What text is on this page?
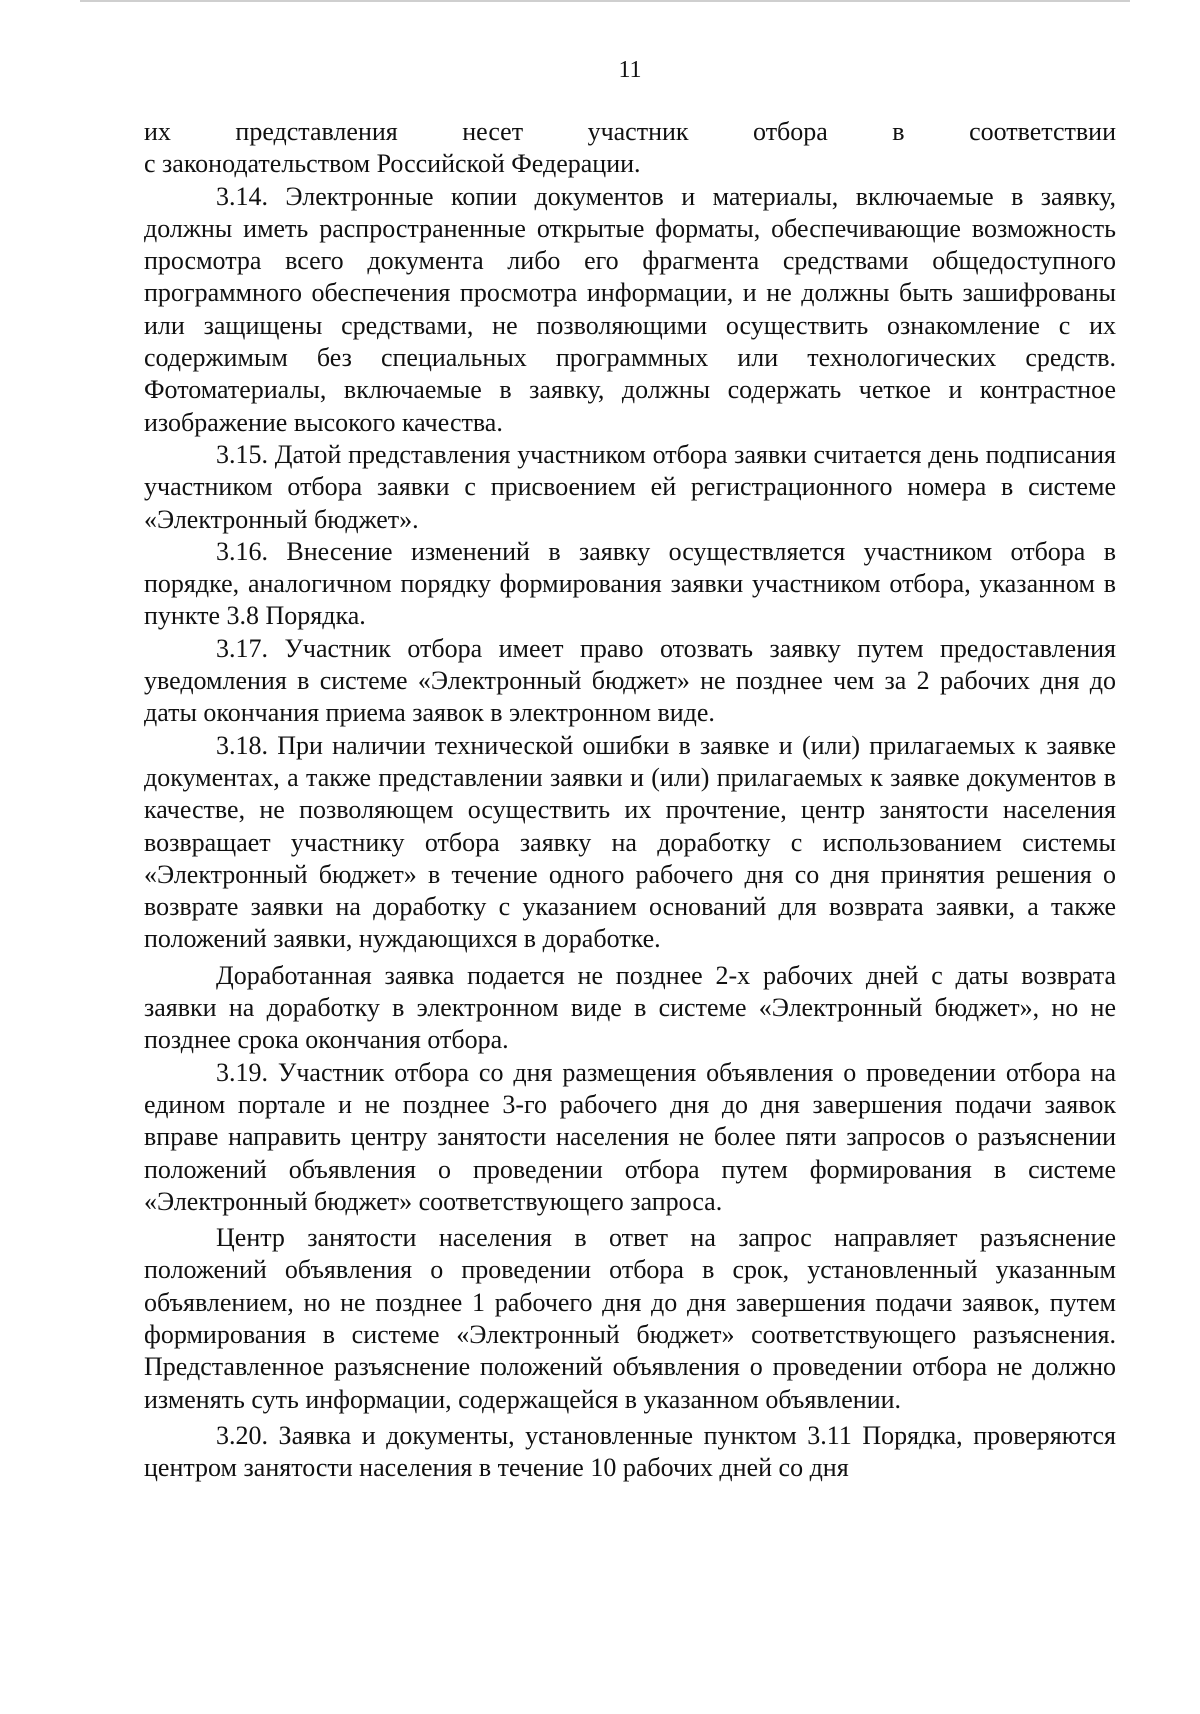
11

их представления несет участник отбора в соответствии
с законодательством Российской Федерации.

3.14. Электронные копии документов и материалы, включаемые в заявку, должны иметь распространенные открытые форматы, обеспечивающие возможность просмотра всего документа либо его фрагмента средствами общедоступного программного обеспечения просмотра информации, и не должны быть зашифрованы или защищены средствами, не позволяющими осуществить ознакомление с их содержимым без специальных программных или технологических средств. Фотоматериалы, включаемые в заявку, должны содержать четкое и контрастное изображение высокого качества.

3.15. Датой представления участником отбора заявки считается день подписания участником отбора заявки с присвоением ей регистрационного номера в системе «Электронный бюджет».

3.16. Внесение изменений в заявку осуществляется участником отбора в порядке, аналогичном порядку формирования заявки участником отбора, указанном в пункте 3.8 Порядка.

3.17. Участник отбора имеет право отозвать заявку путем предоставления уведомления в системе «Электронный бюджет» не позднее чем за 2 рабочих дня до даты окончания приема заявок в электронном виде.

3.18. При наличии технической ошибки в заявке и (или) прилагаемых к заявке документах, а также представлении заявки и (или) прилагаемых к заявке документов в качестве, не позволяющем осуществить их прочтение, центр занятости населения возвращает участнику отбора заявку на доработку с использованием системы «Электронный бюджет» в течение одного рабочего дня со дня принятия решения о возврате заявки на доработку с указанием оснований для возврата заявки, а также положений заявки, нуждающихся в доработке.

Доработанная заявка подается не позднее 2-х рабочих дней с даты возврата заявки на доработку в электронном виде в системе «Электронный бюджет», но не позднее срока окончания отбора.

3.19. Участник отбора со дня размещения объявления о проведении отбора на едином портале и не позднее 3-го рабочего дня до дня завершения подачи заявок вправе направить центру занятости населения не более пяти запросов о разъяснении положений объявления о проведении отбора путем формирования в системе «Электронный бюджет» соответствующего запроса.

Центр занятости населения в ответ на запрос направляет разъяснение положений объявления о проведении отбора в срок, установленный указанным объявлением, но не позднее 1 рабочего дня до дня завершения подачи заявок, путем формирования в системе «Электронный бюджет» соответствующего разъяснения. Представленное разъяснение положений объявления о проведении отбора не должно изменять суть информации, содержащейся в указанном объявлении.

3.20. Заявка и документы, установленные пунктом 3.11 Порядка, проверяются центром занятости населения в течение 10 рабочих дней со дня
